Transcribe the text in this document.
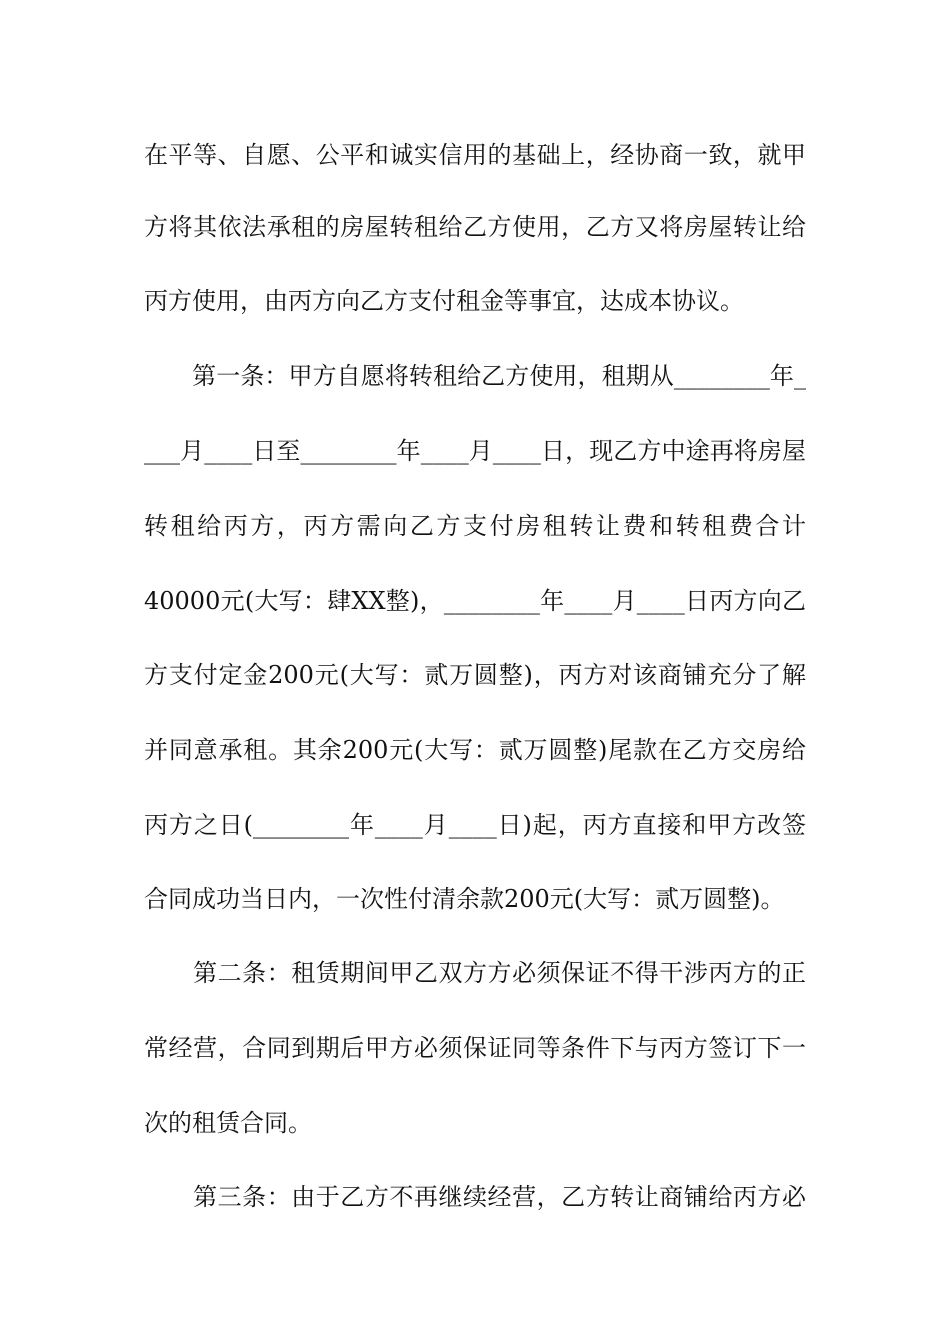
在平等、自愿、公平和诚实信用的基础上，经协商一致，就甲
方将其依法承租的房屋转租给乙方使用，乙方又将房屋转让给
丙方使用，由丙方向乙方支付租金等事宜，达成本协议。
　　第一条：甲方自愿将转租给乙方使用，租期从________年_
___月____日至________年____月____日，现乙方中途再将房屋
转租给丙方，丙方需向乙方支付房租转让费和转租费合计
40000元(大写：肆XX整)，________年____月____日丙方向乙
方支付定金200元(大写：贰万圆整)，丙方对该商铺充分了解
并同意承租。其余200元(大写：贰万圆整)尾款在乙方交房给
丙方之日(________年____月____日)起，丙方直接和甲方改签
合同成功当日内，一次性付清余款200元(大写：贰万圆整)。
　　第二条：租赁期间甲乙双方方必须保证不得干涉丙方的正
常经营，合同到期后甲方必须保证同等条件下与丙方签订下一
次的租赁合同。
　　第三条：由于乙方不再继续经营，乙方转让商铺给丙方必
